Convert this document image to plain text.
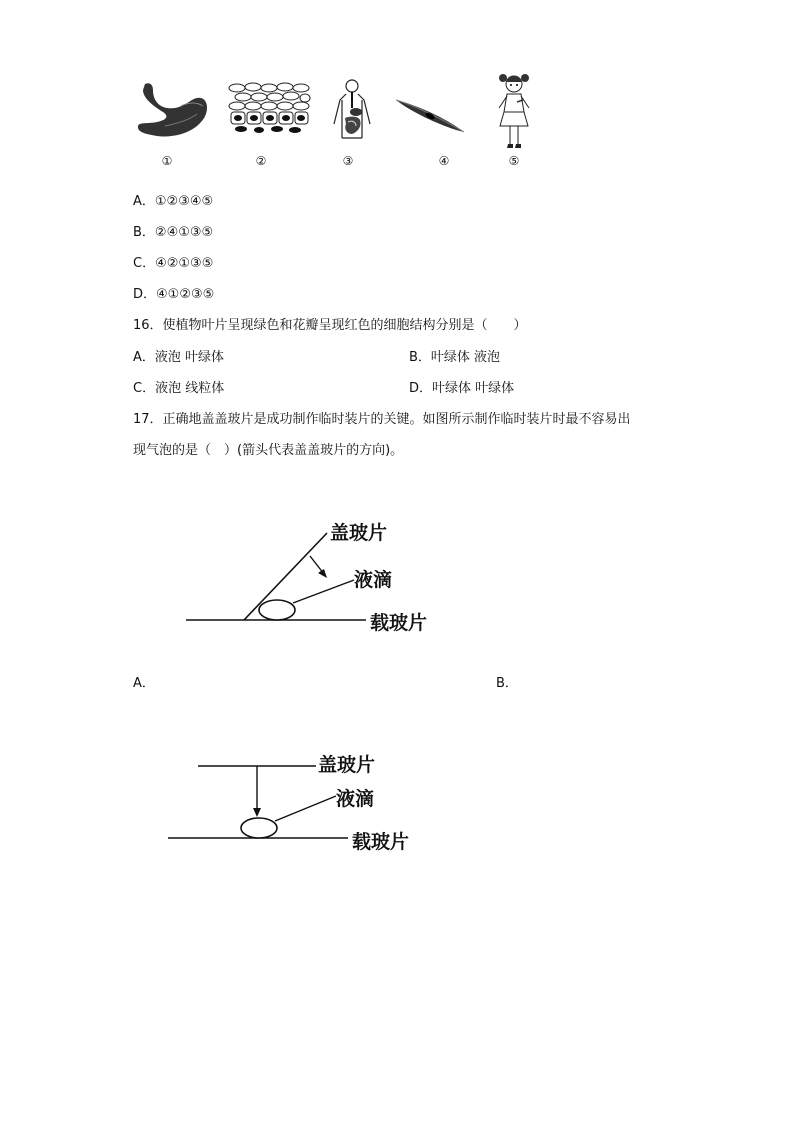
①	②	③	④	⑤
A．①②③④⑤
B．②④①③⑤
C．④②①③⑤
D．④①②③⑤
16．使植物叶片呈现绿色和花瓣呈现红色的细胞结构分别是（　　）
A．液泡 叶绿体	B．叶绿体 液泡
C．液泡 线粒体	D．叶绿体 叶绿体
17．正确地盖盖玻片是成功制作临时装片的关键。如图所示制作临时装片时最不容易出
现气泡的是（　）(箭头代表盖盖玻片的方向)。
盖玻片
液滴
载玻片
A．	B．
盖玻片
液滴
载玻片
